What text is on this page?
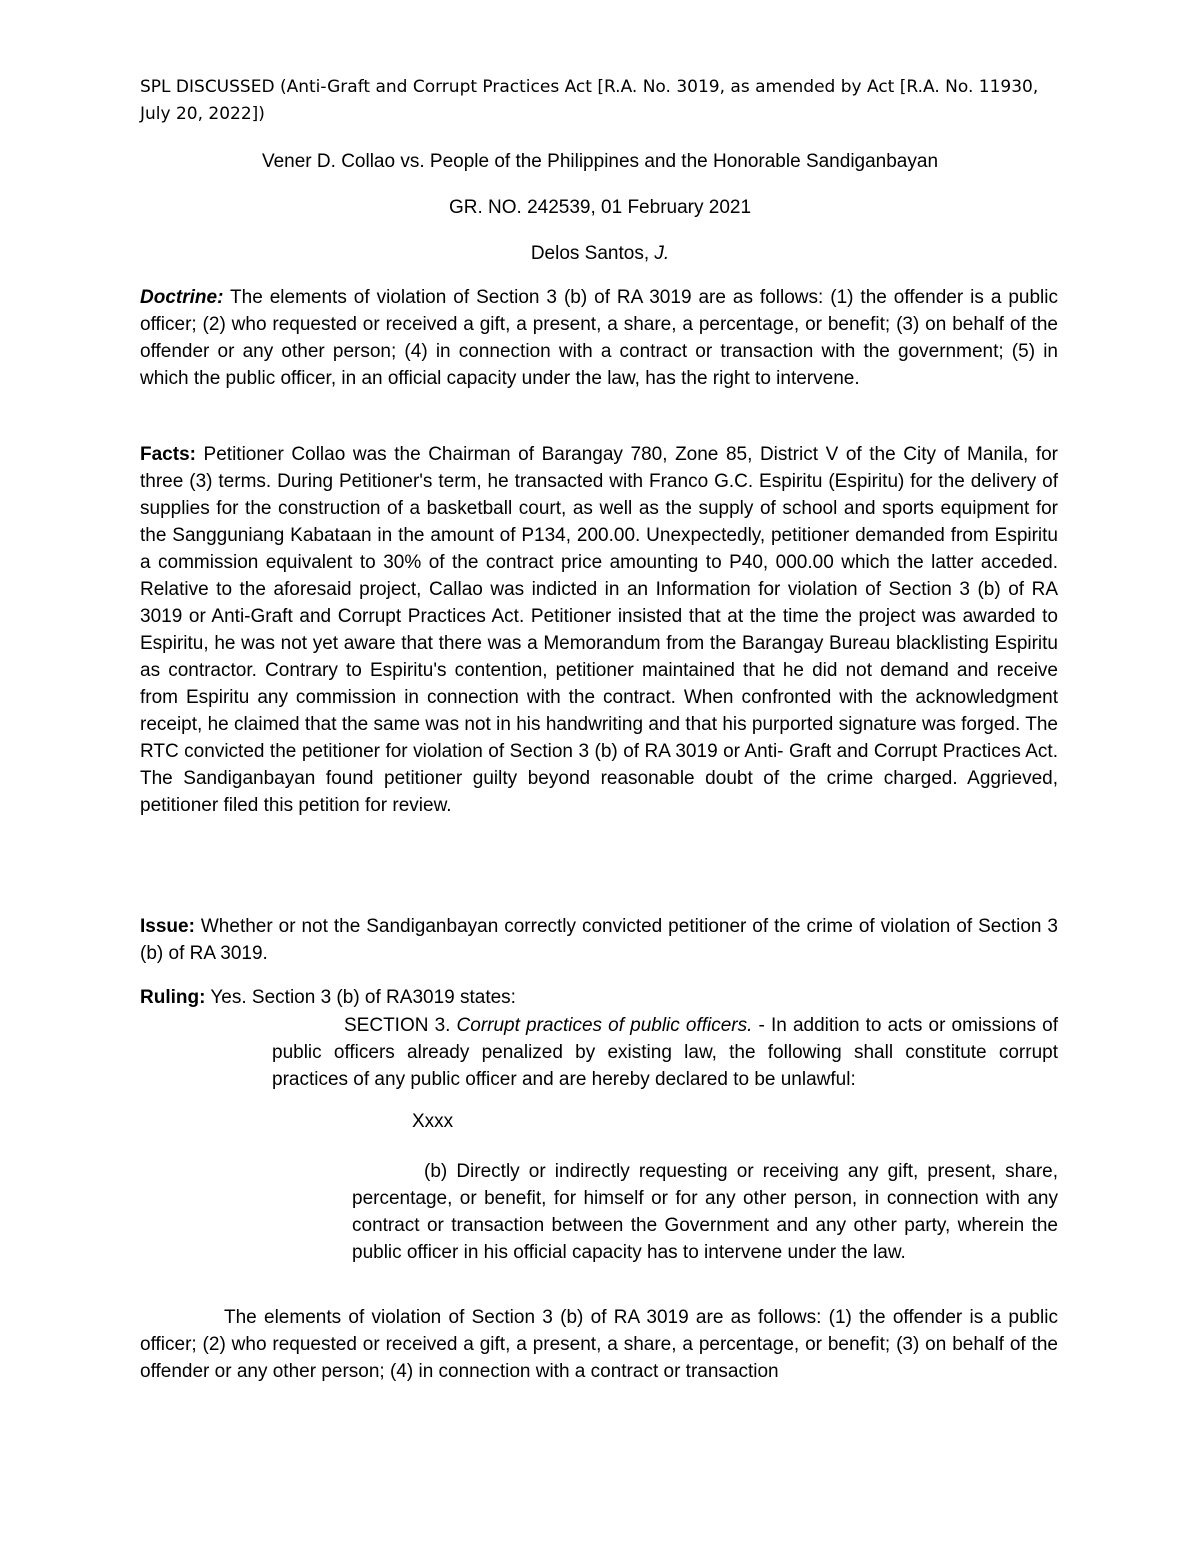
SPL DISCUSSED (Anti-Graft and Corrupt Practices Act [R.A. No. 3019, as amended by Act [R.A. No. 11930, July 20, 2022])
Vener D. Collao vs. People of the Philippines and the Honorable Sandiganbayan
GR. NO. 242539, 01 February 2021
Delos Santos, J.

Doctrine: The elements of violation of Section 3 (b) of RA 3019 are as follows: (1) the offender is a public officer; (2) who requested or received a gift, a present, a share, a percentage, or benefit; (3) on behalf of the offender or any other person; (4) in connection with a contract or transaction with the government; (5) in which the public officer, in an official capacity under the law, has the right to intervene.

Facts: Petitioner Collao was the Chairman of Barangay 780, Zone 85, District V of the City of Manila, for three (3) terms. During Petitioner's term, he transacted with Franco G.C. Espiritu (Espiritu) for the delivery of supplies for the construction of a basketball court, as well as the supply of school and sports equipment for the Sangguniang Kabataan in the amount of P134, 200.00. Unexpectedly, petitioner demanded from Espiritu a commission equivalent to 30% of the contract price amounting to P40, 000.00 which the latter acceded. Relative to the aforesaid project, Callao was indicted in an Information for violation of Section 3 (b) of RA 3019 or Anti-Graft and Corrupt Practices Act. Petitioner insisted that at the time the project was awarded to Espiritu, he was not yet aware that there was a Memorandum from the Barangay Bureau blacklisting Espiritu as contractor. Contrary to Espiritu's contention, petitioner maintained that he did not demand and receive from Espiritu any commission in connection with the contract. When confronted with the acknowledgment receipt, he claimed that the same was not in his handwriting and that his purported signature was forged. The RTC convicted the petitioner for violation of Section 3 (b) of RA 3019 or Anti- Graft and Corrupt Practices Act. The Sandiganbayan found petitioner guilty beyond reasonable doubt of the crime charged. Aggrieved, petitioner filed this petition for review.

Issue: Whether or not the Sandiganbayan correctly convicted petitioner of the crime of violation of Section 3 (b) of RA 3019.

Ruling: Yes. Section 3 (b) of RA3019 states:

SECTION 3. Corrupt practices of public officers. - In addition to acts or omissions of public officers already penalized by existing law, the following shall constitute corrupt practices of any public officer and are hereby declared to be unlawful:
Xxxx
(b) Directly or indirectly requesting or receiving any gift, present, share, percentage, or benefit, for himself or for any other person, in connection with any contract or transaction between the Government and any other party, wherein the public officer in his official capacity has to intervene under the law.
The elements of violation of Section 3 (b) of RA 3019 are as follows: (1) the offender is a public officer; (2) who requested or received a gift, a present, a share, a percentage, or benefit; (3) on behalf of the offender or any other person; (4) in connection with a contract or transaction
